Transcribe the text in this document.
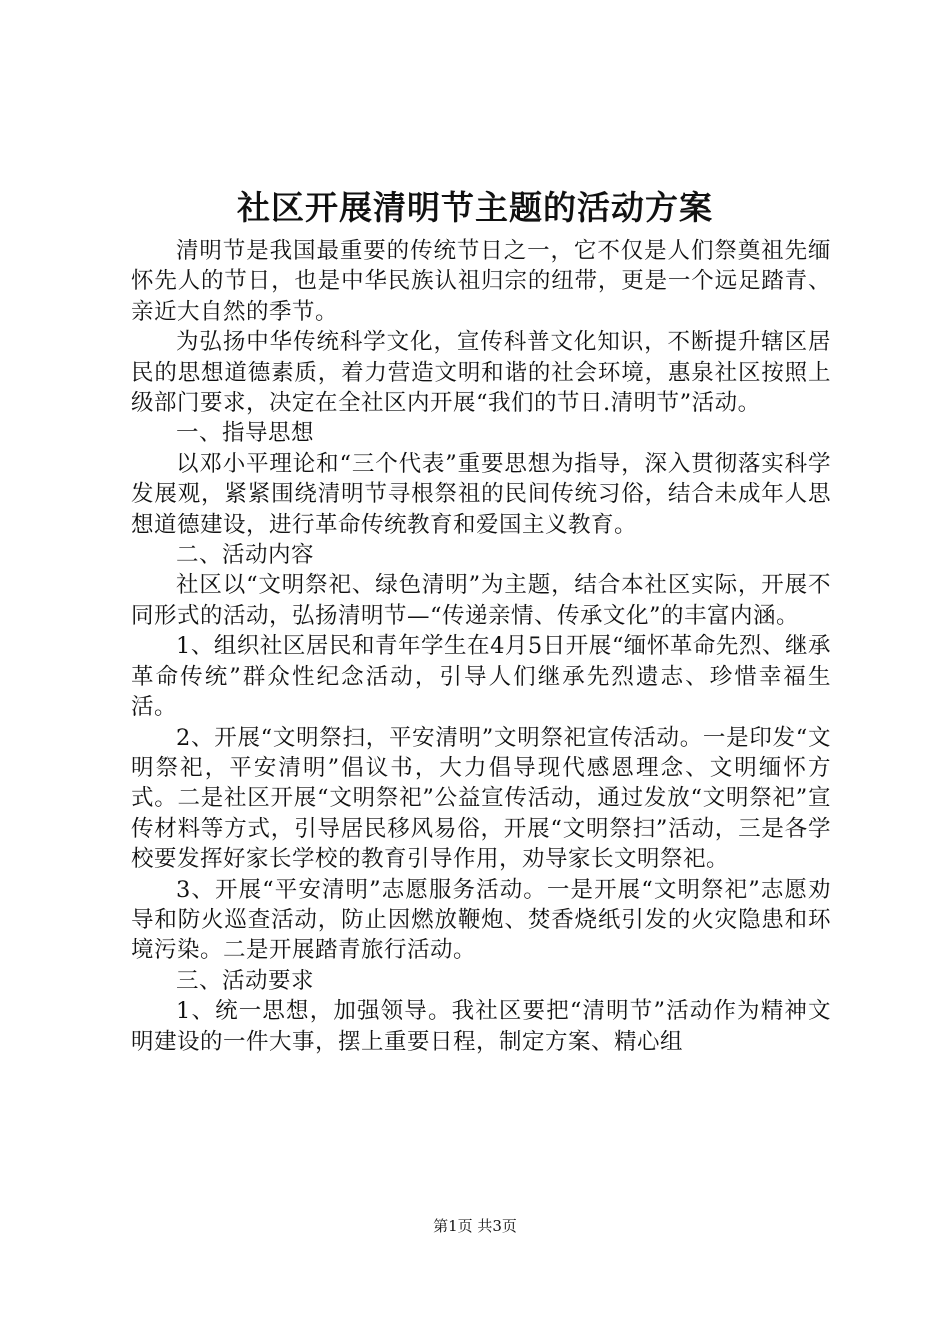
社区开展清明节主题的活动方案

清明节是我国最重要的传统节日之一，它不仅是人们祭奠祖先缅怀先人的节日，也是中华民族认祖归宗的纽带，更是一个远足踏青、亲近大自然的季节。

为弘扬中华传统科学文化，宣传科普文化知识，不断提升辖区居民的思想道德素质，着力营造文明和谐的社会环境，惠泉社区按照上级部门要求，决定在全社区内开展“我们的节日.清明节”活动。

一、指导思想

以邓小平理论和“三个代表”重要思想为指导，深入贯彻落实科学发展观，紧紧围绕清明节寻根祭祖的民间传统习俗，结合未成年人思想道德建设，进行革命传统教育和爱国主义教育。

二、活动内容

社区以“文明祭祀、绿色清明”为主题，结合本社区实际，开展不同形式的活动，弘扬清明节—“传递亲情、传承文化”的丰富内涵。

1、组织社区居民和青年学生在4月5日开展“缅怀革命先烈、继承革命传统”群众性纪念活动，引导人们继承先烈遗志、珍惜幸福生活。

2、开展“文明祭扫，平安清明”文明祭祀宣传活动。一是印发“文明祭祀，平安清明”倡议书，大力倡导现代感恩理念、文明缅怀方式。二是社区开展“文明祭祀”公益宣传活动，通过发放“文明祭祀”宣传材料等方式，引导居民移风易俗，开展“文明祭扫”活动，三是各学校要发挥好家长学校的教育引导作用，劝导家长文明祭祀。

3、开展“平安清明”志愿服务活动。一是开展“文明祭祀”志愿劝导和防火巡查活动，防止因燃放鞭炮、焚香烧纸引发的火灾隐患和环境污染。二是开展踏青旅行活动。

三、活动要求

1、统一思想，加强领导。我社区要把“清明节”活动作为精神文明建设的一件大事，摆上重要日程，制定方案、精心组

第1页 共3页
